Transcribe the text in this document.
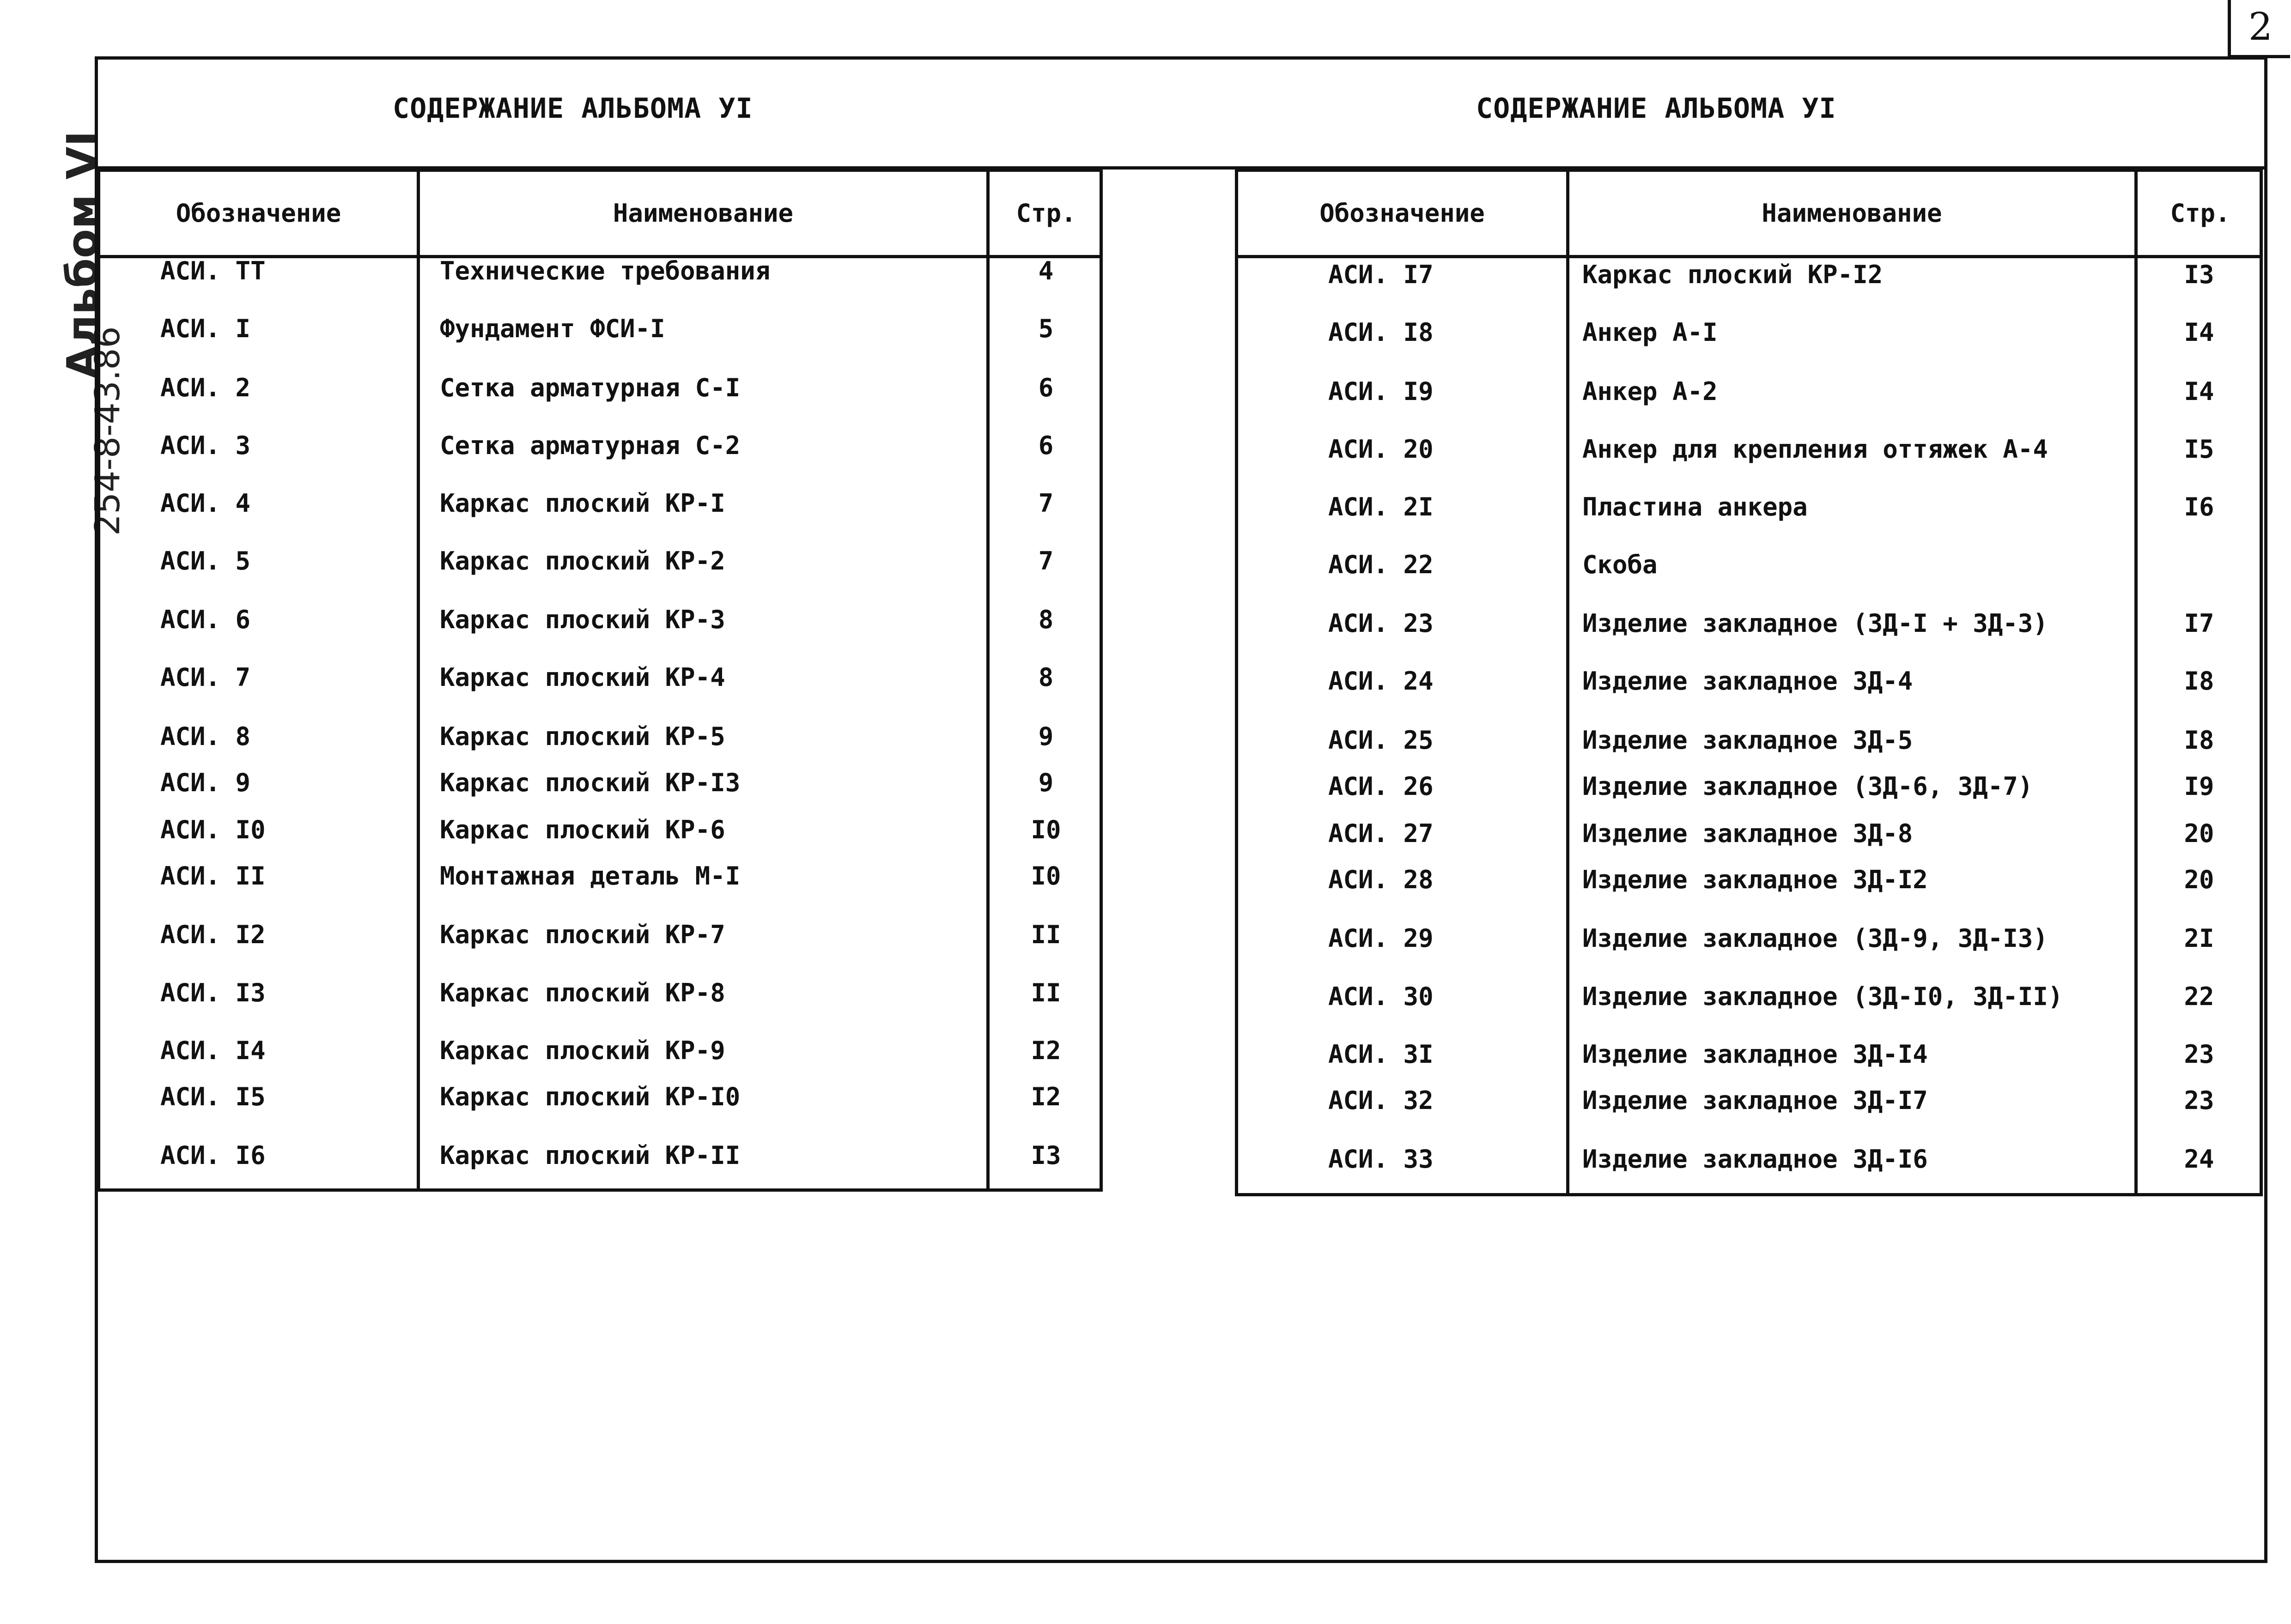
Альбом VI
254-8-43.86
2
СОДЕРЖАНИЕ АЛЬБОМА УI	СОДЕРЖАНИЕ АЛЬБОМА УI
Обозначение	Наименование	Стр.
АСИ. ТТ	Технические требования	4
АСИ. I	Фундамент ФСИ-I	5
АСИ. 2	Сетка арматурная С-I	6
АСИ. 3	Сетка арматурная С-2	6
АСИ. 4	Каркас плоский КР-I	7
АСИ. 5	Каркас плоский КР-2	7
АСИ. 6	Каркас плоский КР-3	8
АСИ. 7	Каркас плоский КР-4	8
АСИ. 8	Каркас плоский КР-5	9
АСИ. 9	Каркас плоский КР-I3	9
АСИ. I0	Каркас плоский КР-6	I0
АСИ. II	Монтажная деталь М-I	I0
АСИ. I2	Каркас плоский КР-7	II
АСИ. I3	Каркас плоский КР-8	II
АСИ. I4	Каркас плоский КР-9	I2
АСИ. I5	Каркас плоский КР-I0	I2
АСИ. I6	Каркас плоский КР-II	I3
Обозначение	Наименование	Стр.
АСИ. I7	Каркас плоский КР-I2	I3
АСИ. I8	Анкер А-I	I4
АСИ. I9	Анкер А-2	I4
АСИ. 20	Анкер для крепления оттяжек А-4	I5
АСИ. 2I	Пластина анкера	I6
АСИ. 22	Скоба
АСИ. 23	Изделие закладное (ЗД-I + ЗД-3)	I7
АСИ. 24	Изделие закладное ЗД-4	I8
АСИ. 25	Изделие закладное ЗД-5	I8
АСИ. 26	Изделие закладное (ЗД-6, ЗД-7)	I9
АСИ. 27	Изделие закладное ЗД-8	20
АСИ. 28	Изделие закладное ЗД-I2	20
АСИ. 29	Изделие закладное (ЗД-9, ЗД-I3)	2I
АСИ. 30	Изделие закладное (ЗД-I0, ЗД-II)	22
АСИ. 3I	Изделие закладное ЗД-I4	23
АСИ. 32	Изделие закладное ЗД-I7	23
АСИ. 33	Изделие закладное ЗД-I6	24
